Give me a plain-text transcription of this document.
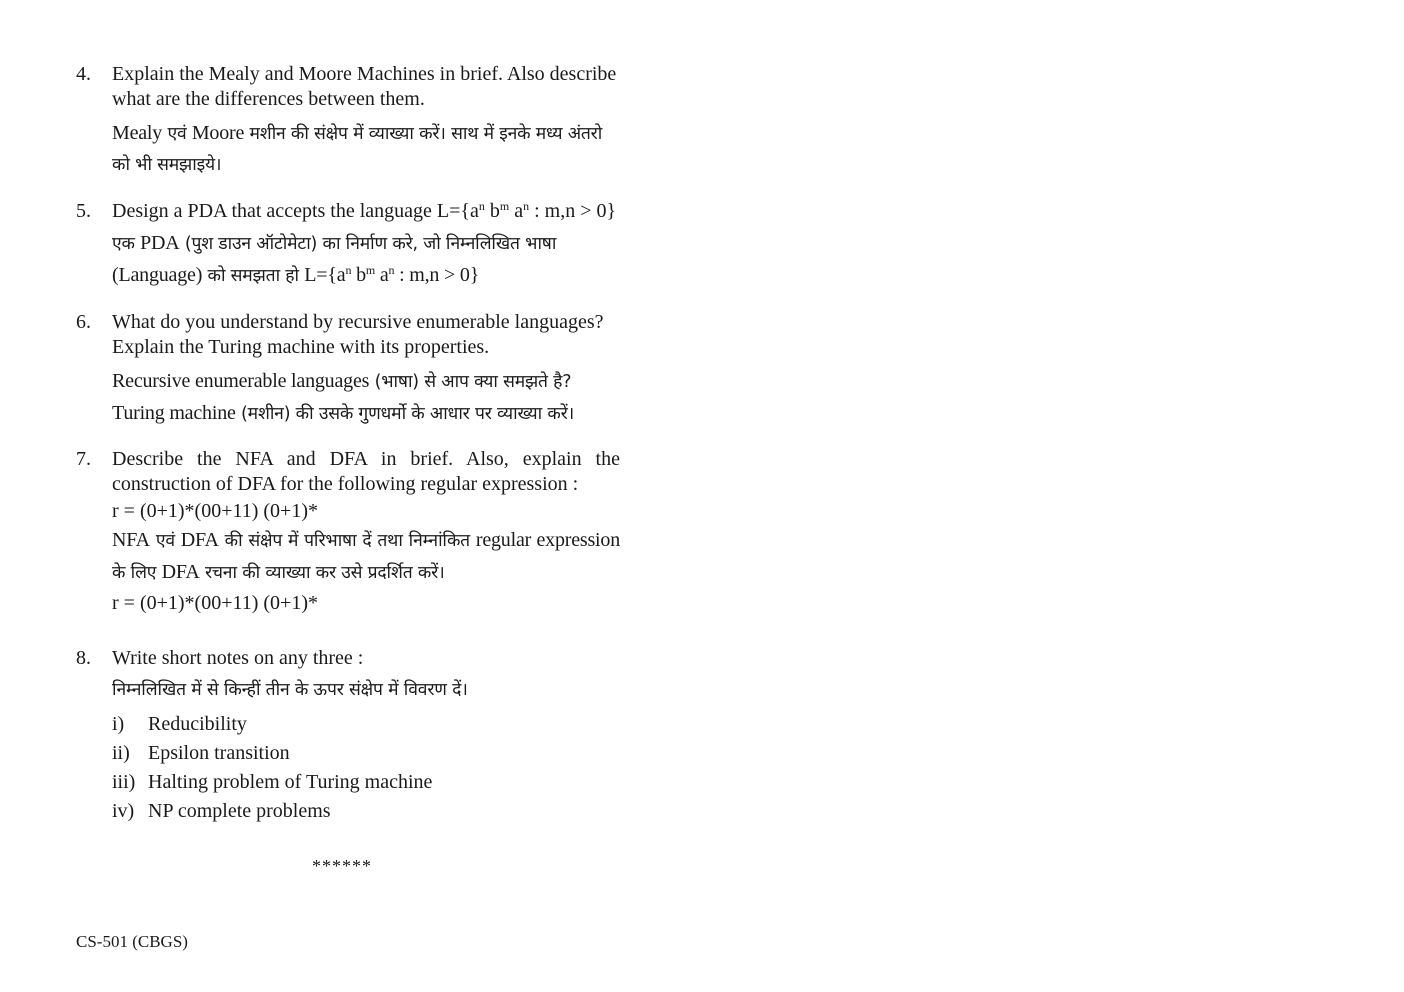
4.	Explain the Mealy and Moore Machines in brief. Also describe what are the differences between them.

Mealy एवं Moore मशीन की संक्षेप में व्याख्या करें। साथ में इनके मध्य अंतरो को भी समझाइये।

5.	Design a PDA that accepts the language $L=\{a^n$ $b^m$ $a^n$ : m,n > 0}

एक PDA (पुश डाउन ऑटोमेटा) का निर्माण करे, जो निम्नलिखित भाषा (Language) को समझता हो $L=\{a^n$ $b^m$ $a^n$ : m,n > 0}

6.	What do you understand by recursive enumerable languages? Explain the Turing machine with its properties.

Recursive enumerable languages (भाषा) से आप क्या समझते है?
Turing machine (मशीन) की उसके गुणधर्मो के आधार पर व्याख्या करें।

7.	Describe the NFA and DFA in brief. Also, explain the construction of DFA for the following regular expression :

r = (0+1)*(00+11) (0+1)*

NFA एवं DFA की संक्षेप में परिभाषा दें तथा निम्नांकित regular expression के लिए DFA रचना की व्याख्या कर उसे प्रदर्शित करें।

r = (0+1)*(00+11) (0+1)*

8.	Write short notes on any three :

निम्नलिखित में से किन्हीं तीन के ऊपर संक्षेप में विवरण दें।

i) Reducibility
ii) Epsilon transition
iii) Halting problem of Turing machine
iv) NP complete problems
******
CS-501 (CBGS)
